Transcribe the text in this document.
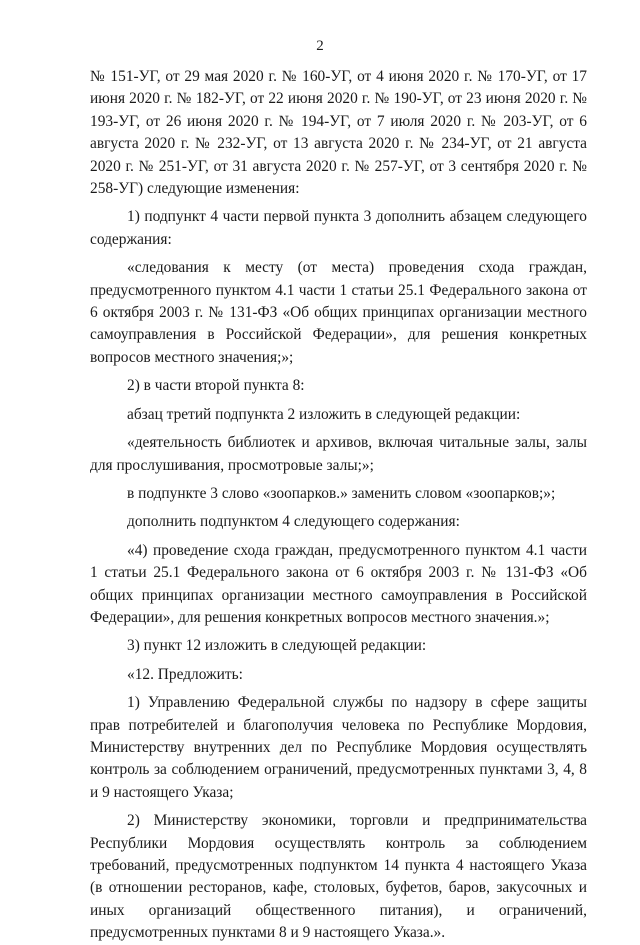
2

№ 151-УГ, от 29 мая 2020 г. № 160-УГ, от 4 июня 2020 г. № 170-УГ, от 17 июня 2020 г. № 182-УГ, от 22 июня 2020 г. № 190-УГ, от 23 июня 2020 г. № 193-УГ, от 26 июня 2020 г. № 194-УГ, от 7 июля 2020 г. № 203-УГ, от 6 августа 2020 г. № 232-УГ, от 13 августа 2020 г. № 234-УГ, от 21 августа 2020 г. № 251-УГ, от 31 августа 2020 г. № 257-УГ, от 3 сентября 2020 г. № 258-УГ) следующие изменения:

1) подпункт 4 части первой пункта 3 дополнить абзацем следующего содержания:

«следования к месту (от места) проведения схода граждан, предусмотренного пунктом 4.1 части 1 статьи 25.1 Федерального закона от 6 октября 2003 г. № 131-ФЗ «Об общих принципах организации местного самоуправления в Российской Федерации», для решения конкретных вопросов местного значения;»;

2) в части второй пункта 8:

абзац третий подпункта 2 изложить в следующей редакции:

«деятельность библиотек и архивов, включая читальные залы, залы для прослушивания, просмотровые залы;»;

в подпункте 3 слово «зоопарков.» заменить словом «зоопарков;»;

дополнить подпунктом 4 следующего содержания:

«4) проведение схода граждан, предусмотренного пунктом 4.1 части 1 статьи 25.1 Федерального закона от 6 октября 2003 г. № 131-ФЗ «Об общих принципах организации местного самоуправления в Российской Федерации», для решения конкретных вопросов местного значения.»;

3) пункт 12 изложить в следующей редакции:

«12. Предложить:

1) Управлению Федеральной службы по надзору в сфере защиты прав потребителей и благополучия человека по Республике Мордовия, Министерству внутренних дел по Республике Мордовия осуществлять контроль за соблюдением ограничений, предусмотренных пунктами 3, 4, 8 и 9 настоящего Указа;

2) Министерству экономики, торговли и предпринимательства Республики Мордовия осуществлять контроль за соблюдением требований, предусмотренных подпунктом 14 пункта 4 настоящего Указа (в отношении ресторанов, кафе, столовых, буфетов, баров, закусочных и иных организаций общественного питания), и ограничений, предусмотренных пунктами 8 и 9 настоящего Указа.».
